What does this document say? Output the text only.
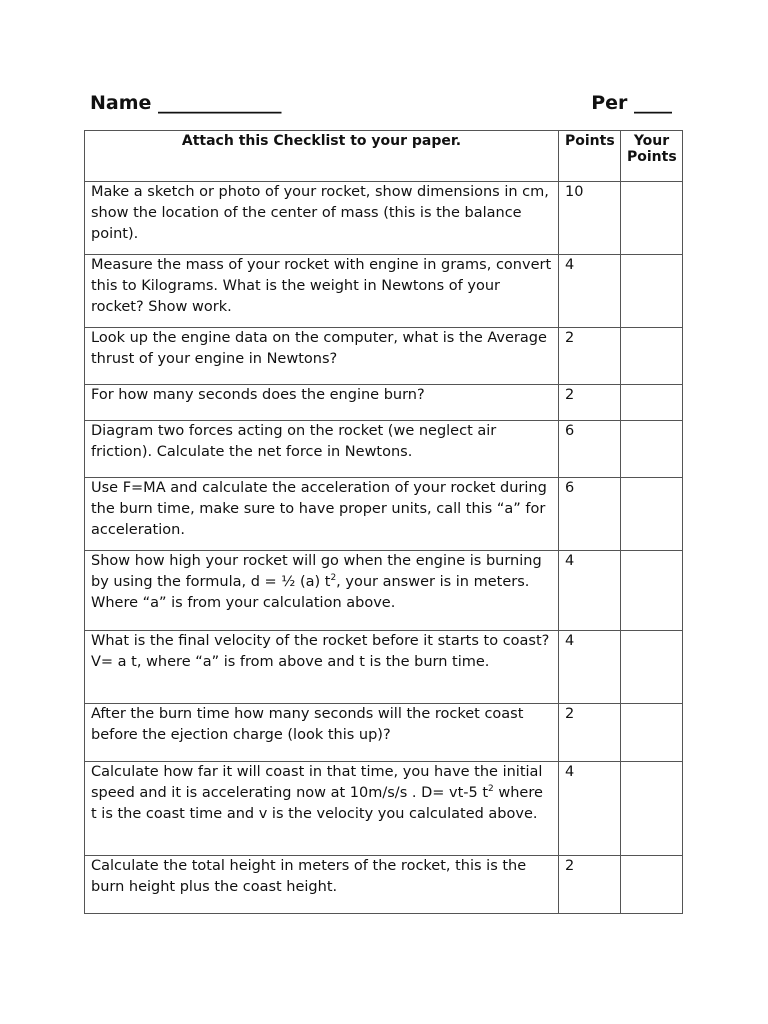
Name _____________	Per ____
Attach this Checklist to your paper.	Points	Your Points
Make a sketch or photo of your rocket, show dimensions in cm, show the location of the center of mass (this is the balance point).	10	
Measure the mass of your rocket with engine in grams, convert this to Kilograms. What is the weight in Newtons of your rocket? Show work.	4	
Look up the engine data on the computer, what is the Average thrust of your engine in Newtons?	2	
For how many seconds does the engine burn?	2	
Diagram two forces acting on the rocket (we neglect air friction). Calculate the net force in Newtons.	6	
Use F=MA and calculate the acceleration of your rocket during the burn time, make sure to have proper units, call this “a” for acceleration.	6	
Show how high your rocket will go when the engine is burning by using the formula, d = ½ (a) $t^2$, your answer is in meters. Where “a” is from your calculation above.	4	
What is the final velocity of the rocket before it starts to coast? V= a t, where “a” is from above and t is the burn time.	4	
After the burn time how many seconds will the rocket coast before the ejection charge (look this up)?	2	
Calculate how far it will coast in that time, you have the initial speed and it is accelerating now at 10m/s/s . D= vt-5 $t^2$ where t is the coast time and v is the velocity you calculated above.	4	
Calculate the total height in meters of the rocket, this is the burn height plus the coast height.	2	
